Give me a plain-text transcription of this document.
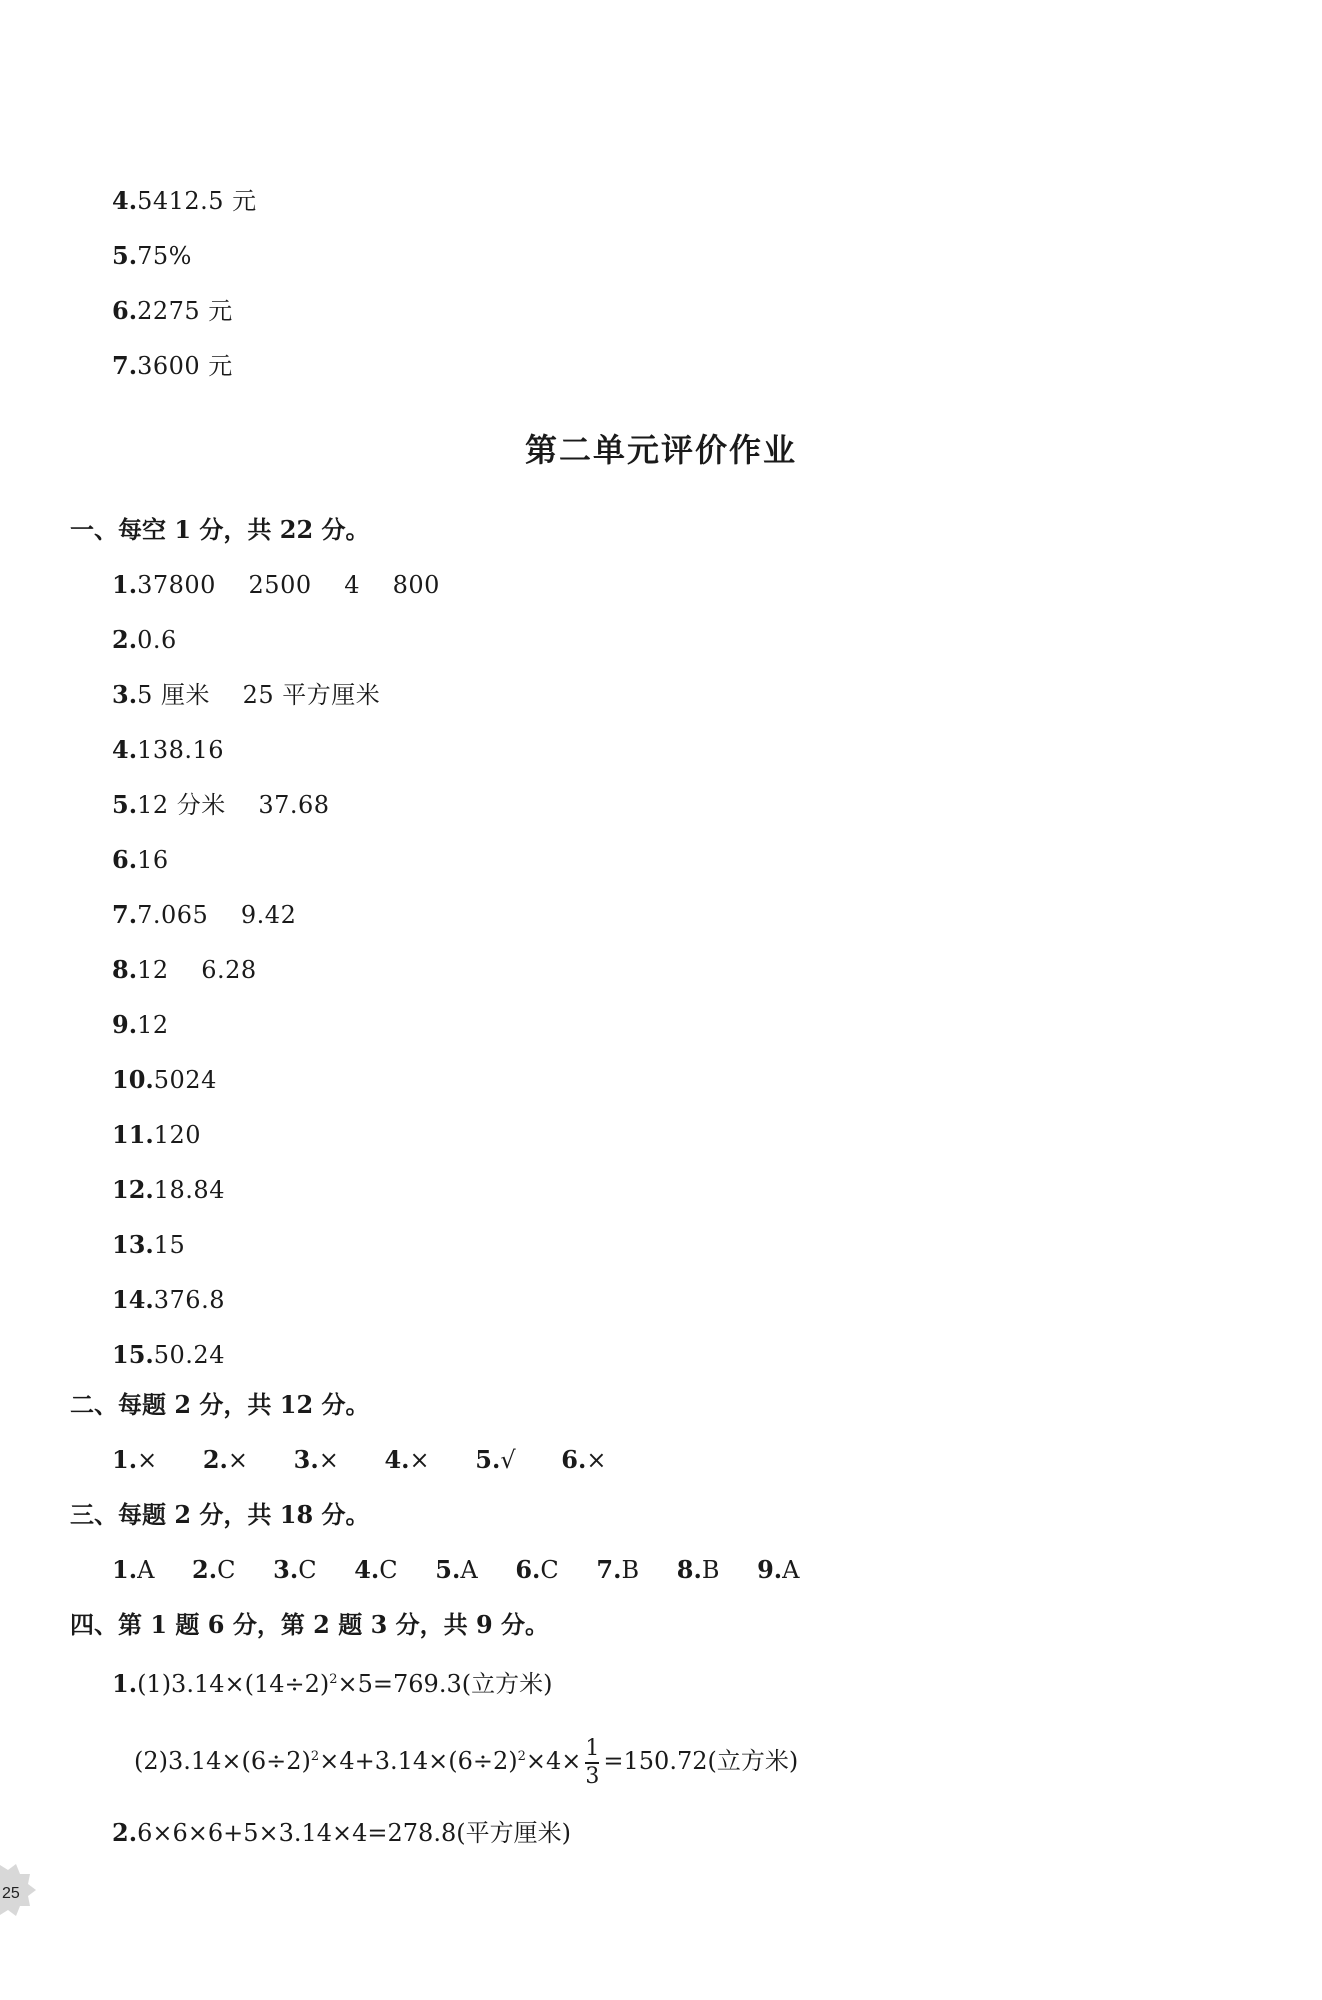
4.5412.5 元
5.75%
6.2275 元
7.3600 元
第二单元评价作业
一、每空 1 分，共 22 分。
1.37800　 2500　 4　 800
2.0.6
3.5 厘米　 25 平方厘米
4.138.16
5.12 分米　 37.68
6.16
7.7.065　 9.42
8.12　 6.28
9.12
10.5024
11.120
12.18.84
13.15
14.376.8
15.50.24
二、每题 2 分，共 12 分。
1.× 2.× 3.× 4.× 5.√ 6.×
三、每题 2 分，共 18 分。
1.A 2.C 3.C 4.C 5.A 6.C 7.B 8.B 9.A
四、第 1 题 6 分，第 2 题 3 分，共 9 分。
$1.(1)3.14\times(14\div 2)^2\times 5=769.3$(立方米)
$(2)3.14\times(6\div 2)^2\times 4+3.14\times(6\div 2)^2\times 4\times \frac{1}{3} =150.72$(立方米)
2.6×6×6+5×3.14×4=278.8(平方厘米)
25
